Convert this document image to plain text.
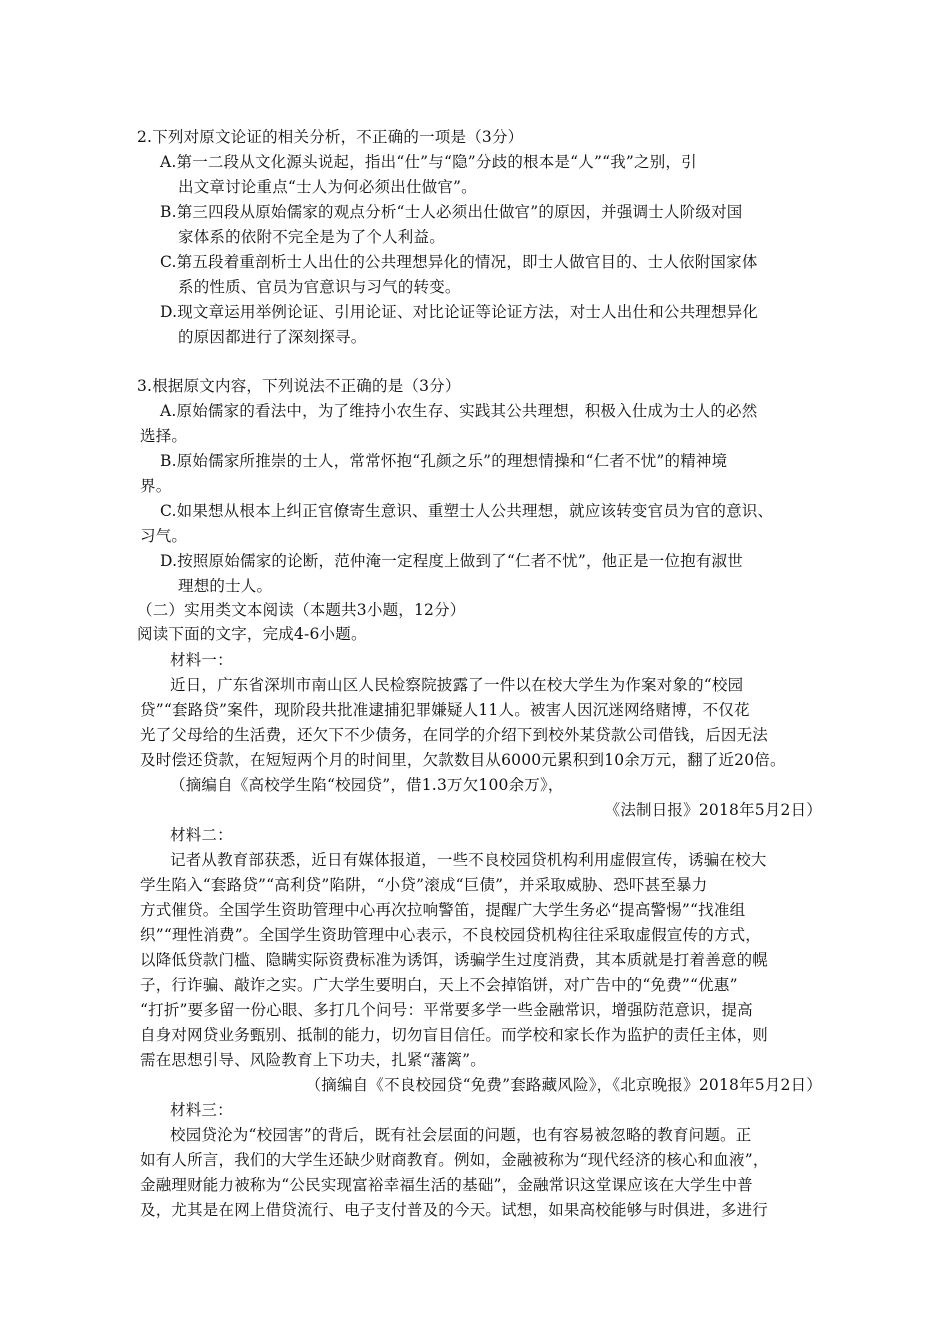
2.下列对原文论证的相关分析，不正确的一项是（3分）
A.第一二段从文化源头说起，指出“仕”与“隐”分歧的根本是“人”“我”之别，引
出文章讨论重点“士人为何必须出仕做官”。
B.第三四段从原始儒家的观点分析“士人必须出仕做官”的原因，并强调士人阶级对国
家体系的依附不完全是为了个人利益。
C.第五段着重剖析士人出仕的公共理想异化的情况，即士人做官目的、士人依附国家体
系的性质、官员为官意识与习气的转变。
D.现文章运用举例论证、引用论证、对比论证等论证方法，对士人出仕和公共理想异化
的原因都进行了深刻探寻。
3.根据原文内容，下列说法不正确的是（3分）
A.原始儒家的看法中，为了维持小农生存、实践其公共理想，积极入仕成为士人的必然
选择。
B.原始儒家所推崇的士人，常常怀抱“孔颜之乐”的理想情操和“仁者不忧”的精神境
界。
C.如果想从根本上纠正官僚寄生意识、重塑士人公共理想，就应该转变官员为官的意识、
习气。
D.按照原始儒家的论断，范仲淹一定程度上做到了“仁者不忧”，他正是一位抱有淑世
理想的士人。
（二）实用类文本阅读（本题共3小题，12分）
阅读下面的文字，完成4-6小题。
材料一：
近日，广东省深圳市南山区人民检察院披露了一件以在校大学生为作案对象的“校园
贷”“套路贷”案件，现阶段共批准逮捕犯罪嫌疑人11人。被害人因沉迷网络赌博，不仅花
光了父母给的生活费，还欠下不少债务，在同学的介绍下到校外某贷款公司借钱，后因无法
及时偿还贷款，在短短两个月的时间里，欠款数目从6000元累积到10余万元，翻了近20倍。
（摘编自《高校学生陷“校园贷”，借1.3万欠100余万》，
《法制日报》2018年5月2日）
材料二：
记者从教育部获悉，近日有媒体报道，一些不良校园贷机构利用虚假宣传，诱骗在校大
学生陷入“套路贷”“高利贷”陷阱，“小贷”滚成“巨债”，并采取威胁、恐吓甚至暴力
方式催贷。全国学生资助管理中心再次拉响警笛，提醒广大学生务必“提高警惕”“找准组
织”“理性消费”。全国学生资助管理中心表示，不良校园贷机构往往采取虚假宣传的方式，
以降低贷款门槛、隐瞒实际资费标准为诱饵，诱骗学生过度消费，其本质就是打着善意的幌
子，行诈骗、敲诈之实。广大学生要明白，天上不会掉馅饼，对广告中的“免费”“优惠”
“打折”要多留一份心眼、多打几个问号：平常要多学一些金融常识，增强防范意识，提高
自身对网贷业务甄别、抵制的能力，切勿盲目信任。而学校和家长作为监护的责任主体，则
需在思想引导、风险教育上下功夫，扎紧“藩篱”。
（摘编自《不良校园贷“免费”套路藏风险》，《北京晚报》2018年5月2日）
材料三：
校园贷沦为“校园害”的背后，既有社会层面的问题，也有容易被忽略的教育问题。正
如有人所言，我们的大学生还缺少财商教育。例如，金融被称为“现代经济的核心和血液”，
金融理财能力被称为“公民实现富裕幸福生活的基础”，金融常识这堂课应该在大学生中普
及，尤其是在网上借贷流行、电子支付普及的今天。试想，如果高校能够与时俱进，多进行
